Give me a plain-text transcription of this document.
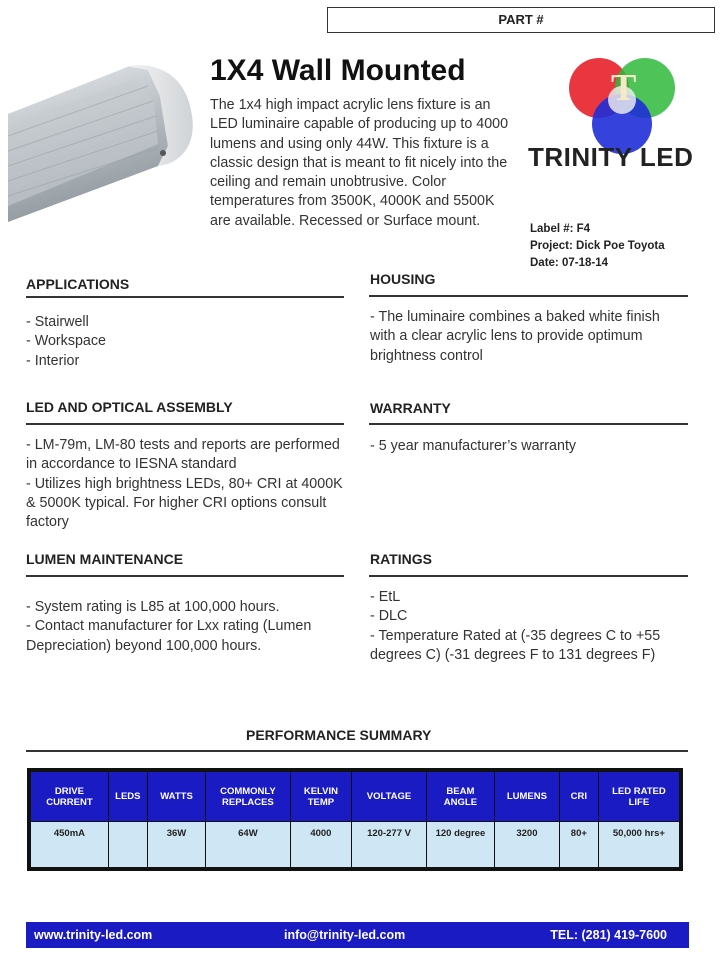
PART #
1X4 Wall Mounted
The 1x4 high impact acrylic lens fixture is an LED luminaire capable of producing up to 4000 lumens and using only 44W. This fixture is a classic design that is meant to fit nicely into the ceiling and remain unobtrusive. Color temperatures from 3500K, 4000K and 5500K are available. Recessed or Surface mount.
T
TRINITY LED
Label #: F4
Project: Dick Poe Toyota
Date: 07-18-14
APPLICATIONS
- Stairwell
- Workspace
- Interior
HOUSING
- The luminaire combines a baked white finish with a clear acrylic lens to provide optimum brightness control
LED AND OPTICAL ASSEMBLY
- LM-79m, LM-80 tests and reports are performed in accordance to IESNA standard
- Utilizes high brightness LEDs, 80+ CRI at 4000K & 5000K typical. For higher CRI options consult factory
WARRANTY
- 5 year manufacturer’s warranty
LUMEN MAINTENANCE
- System rating is L85 at 100,000 hours.
- Contact manufacturer for Lxx rating (Lumen Depreciation) beyond 100,000 hours.
RATINGS
- EtL
- DLC
- Temperature Rated at (-35 degrees C to +55 degrees C) (-31 degrees F to 131 degrees F)
PERFORMANCE SUMMARY
DRIVE CURRENT	LEDS	WATTS	COMMONLY REPLACES	KELVIN TEMP	VOLTAGE	BEAM ANGLE	LUMENS	CRI	LED RATED LIFE
450mA		36W	64W	4000	120-277 V	120 degree	3200	80+	50,000 hrs+
www.trinity-led.com	info@trinity-led.com	TEL: (281) 419-7600
